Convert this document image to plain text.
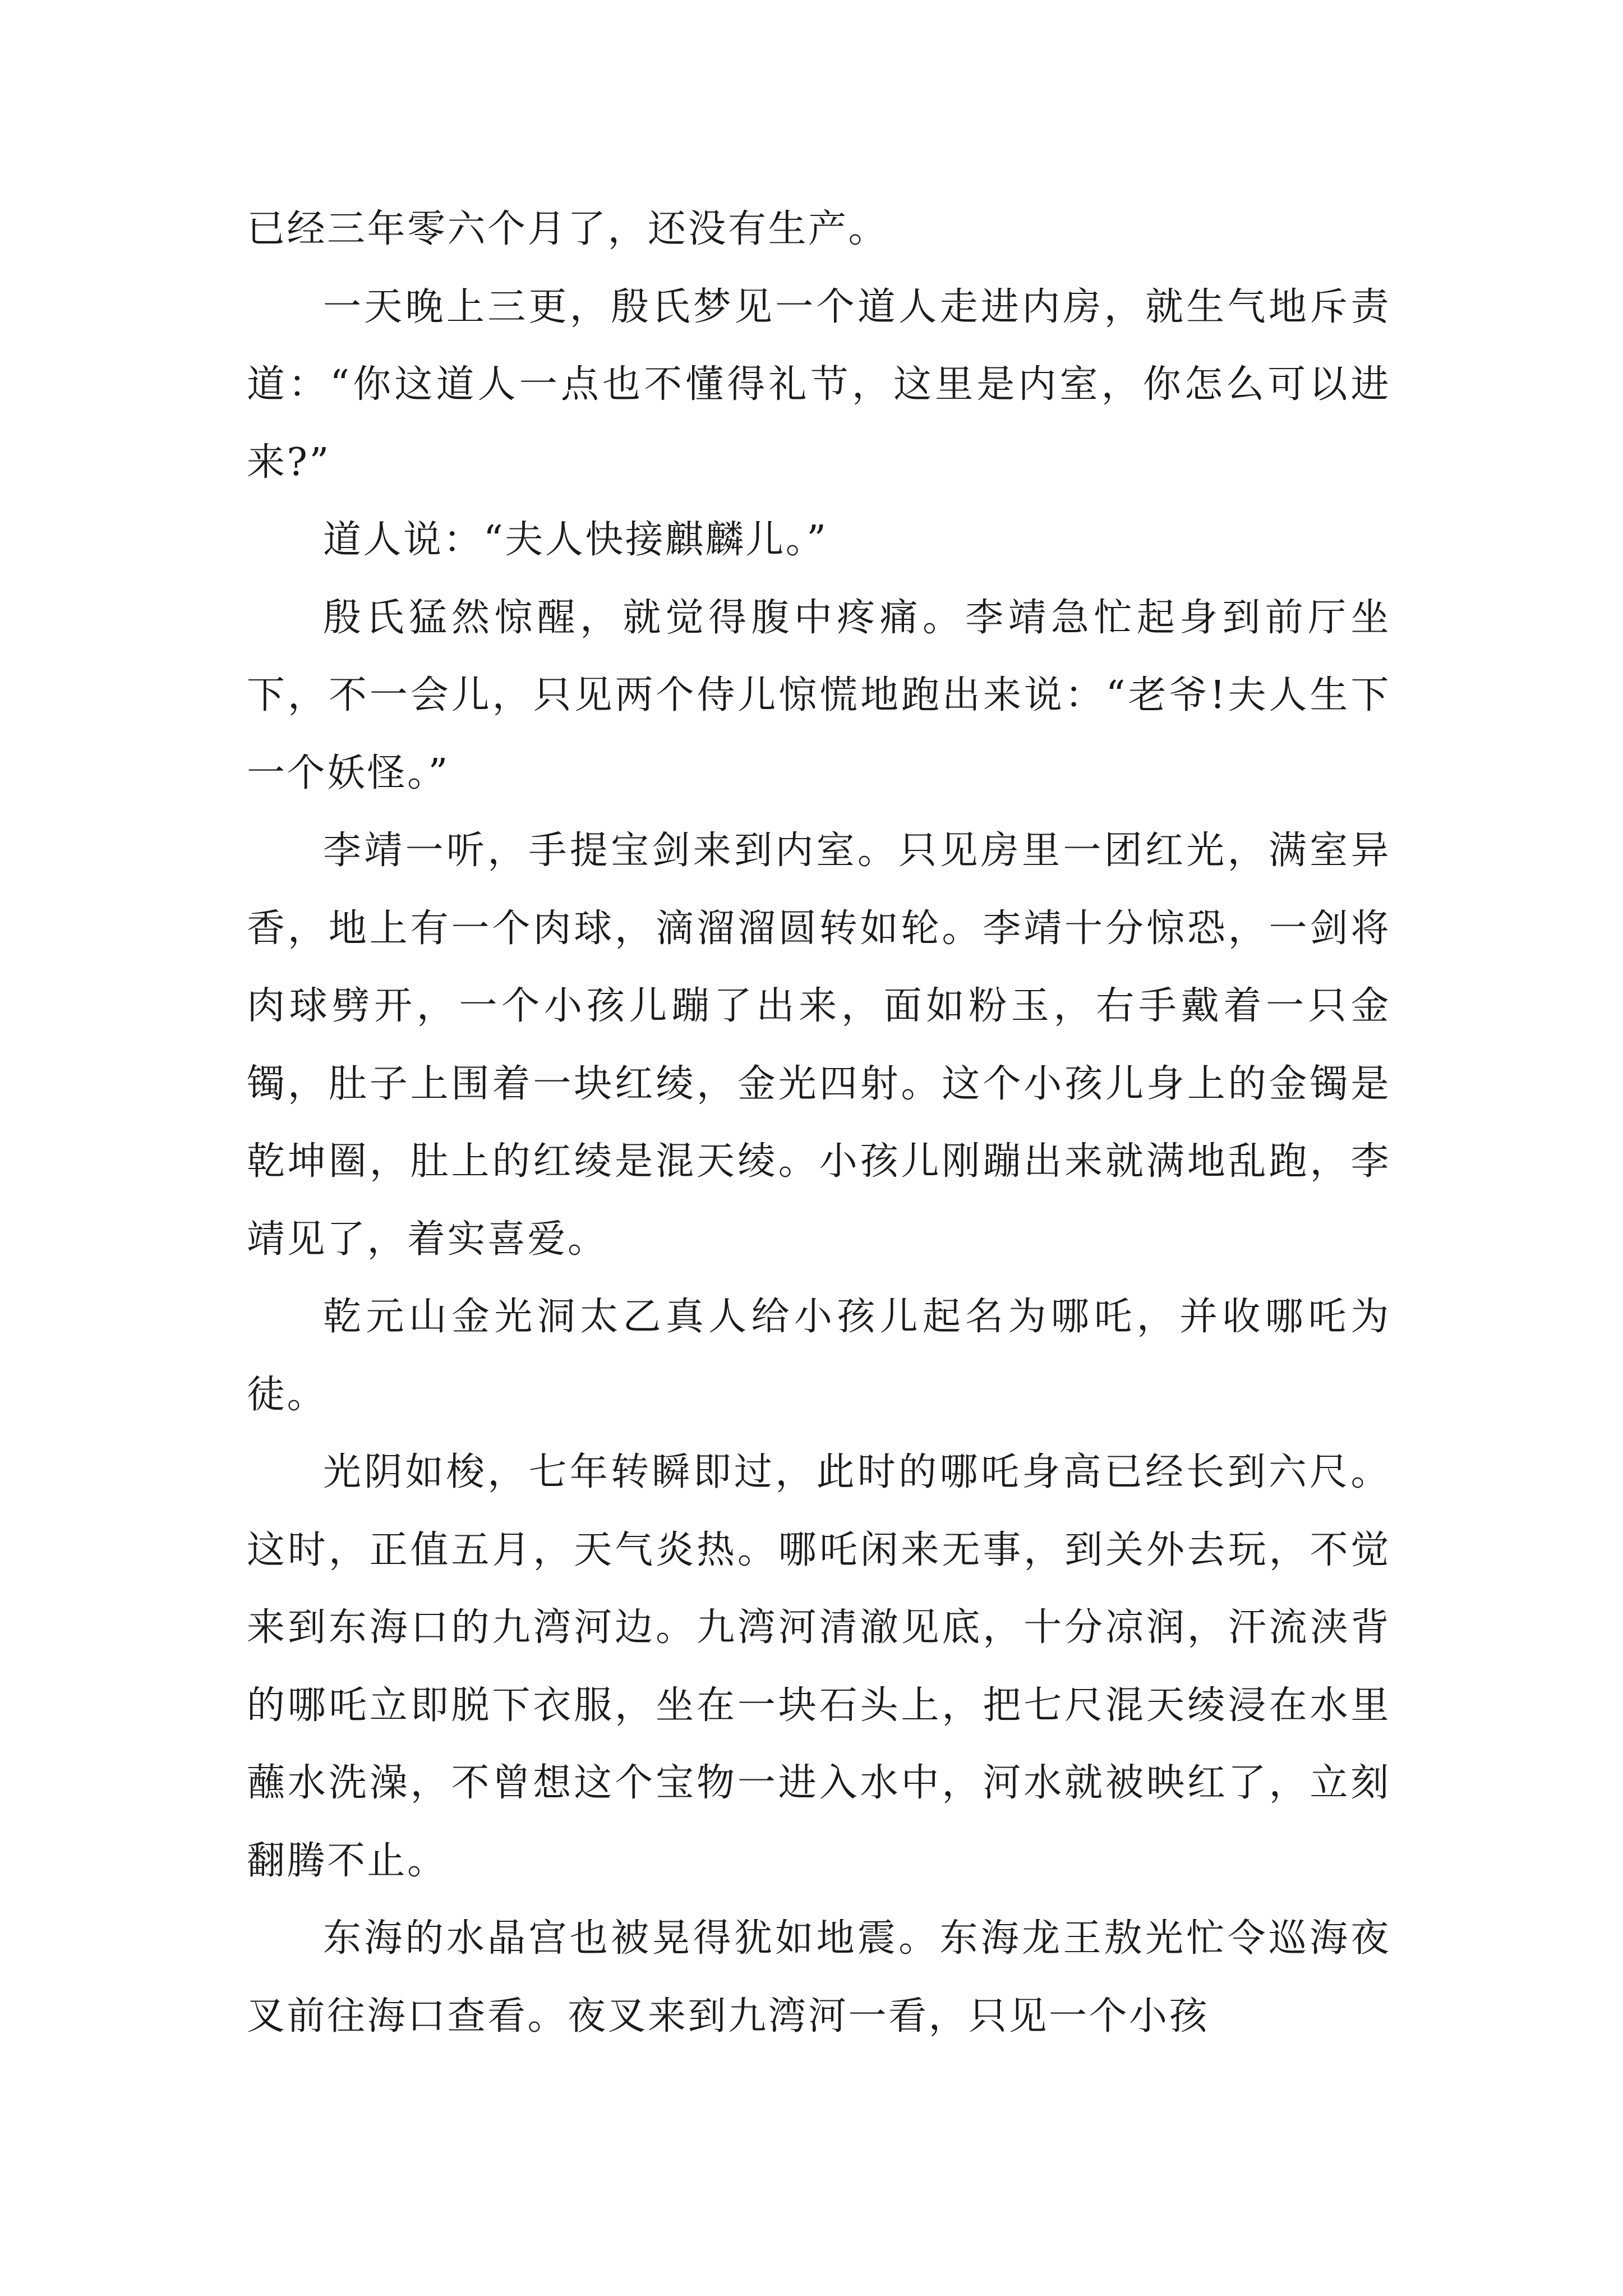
已经三年零六个月了，还没有生产。

一天晚上三更，殷氏梦见一个道人走进内房，就生气地斥责道：“你这道人一点也不懂得礼节，这里是内室，你怎么可以进来?”

道人说：“夫人快接麒麟儿。”

殷氏猛然惊醒，就觉得腹中疼痛。李靖急忙起身到前厅坐下，不一会儿，只见两个侍儿惊慌地跑出来说：“老爷!夫人生下一个妖怪。”

李靖一听，手提宝剑来到内室。只见房里一团红光，满室异香，地上有一个肉球，滴溜溜圆转如轮。李靖十分惊恐，一剑将肉球劈开，一个小孩儿蹦了出来，面如粉玉，右手戴着一只金镯，肚子上围着一块红绫，金光四射。这个小孩儿身上的金镯是乾坤圈，肚上的红绫是混天绫。小孩儿刚蹦出来就满地乱跑，李靖见了，着实喜爱。

乾元山金光洞太乙真人给小孩儿起名为哪吒，并收哪吒为徒。

光阴如梭，七年转瞬即过，此时的哪吒身高已经长到六尺。这时，正值五月，天气炎热。哪吒闲来无事，到关外去玩，不觉来到东海口的九湾河边。九湾河清澈见底，十分凉润，汗流浃背的哪吒立即脱下衣服，坐在一块石头上，把七尺混天绫浸在水里蘸水洗澡，不曾想这个宝物一进入水中，河水就被映红了，立刻翻腾不止。

东海的水晶宫也被晃得犹如地震。东海龙王敖光忙令巡海夜叉前往海口查看。夜叉来到九湾河一看，只见一个小孩
